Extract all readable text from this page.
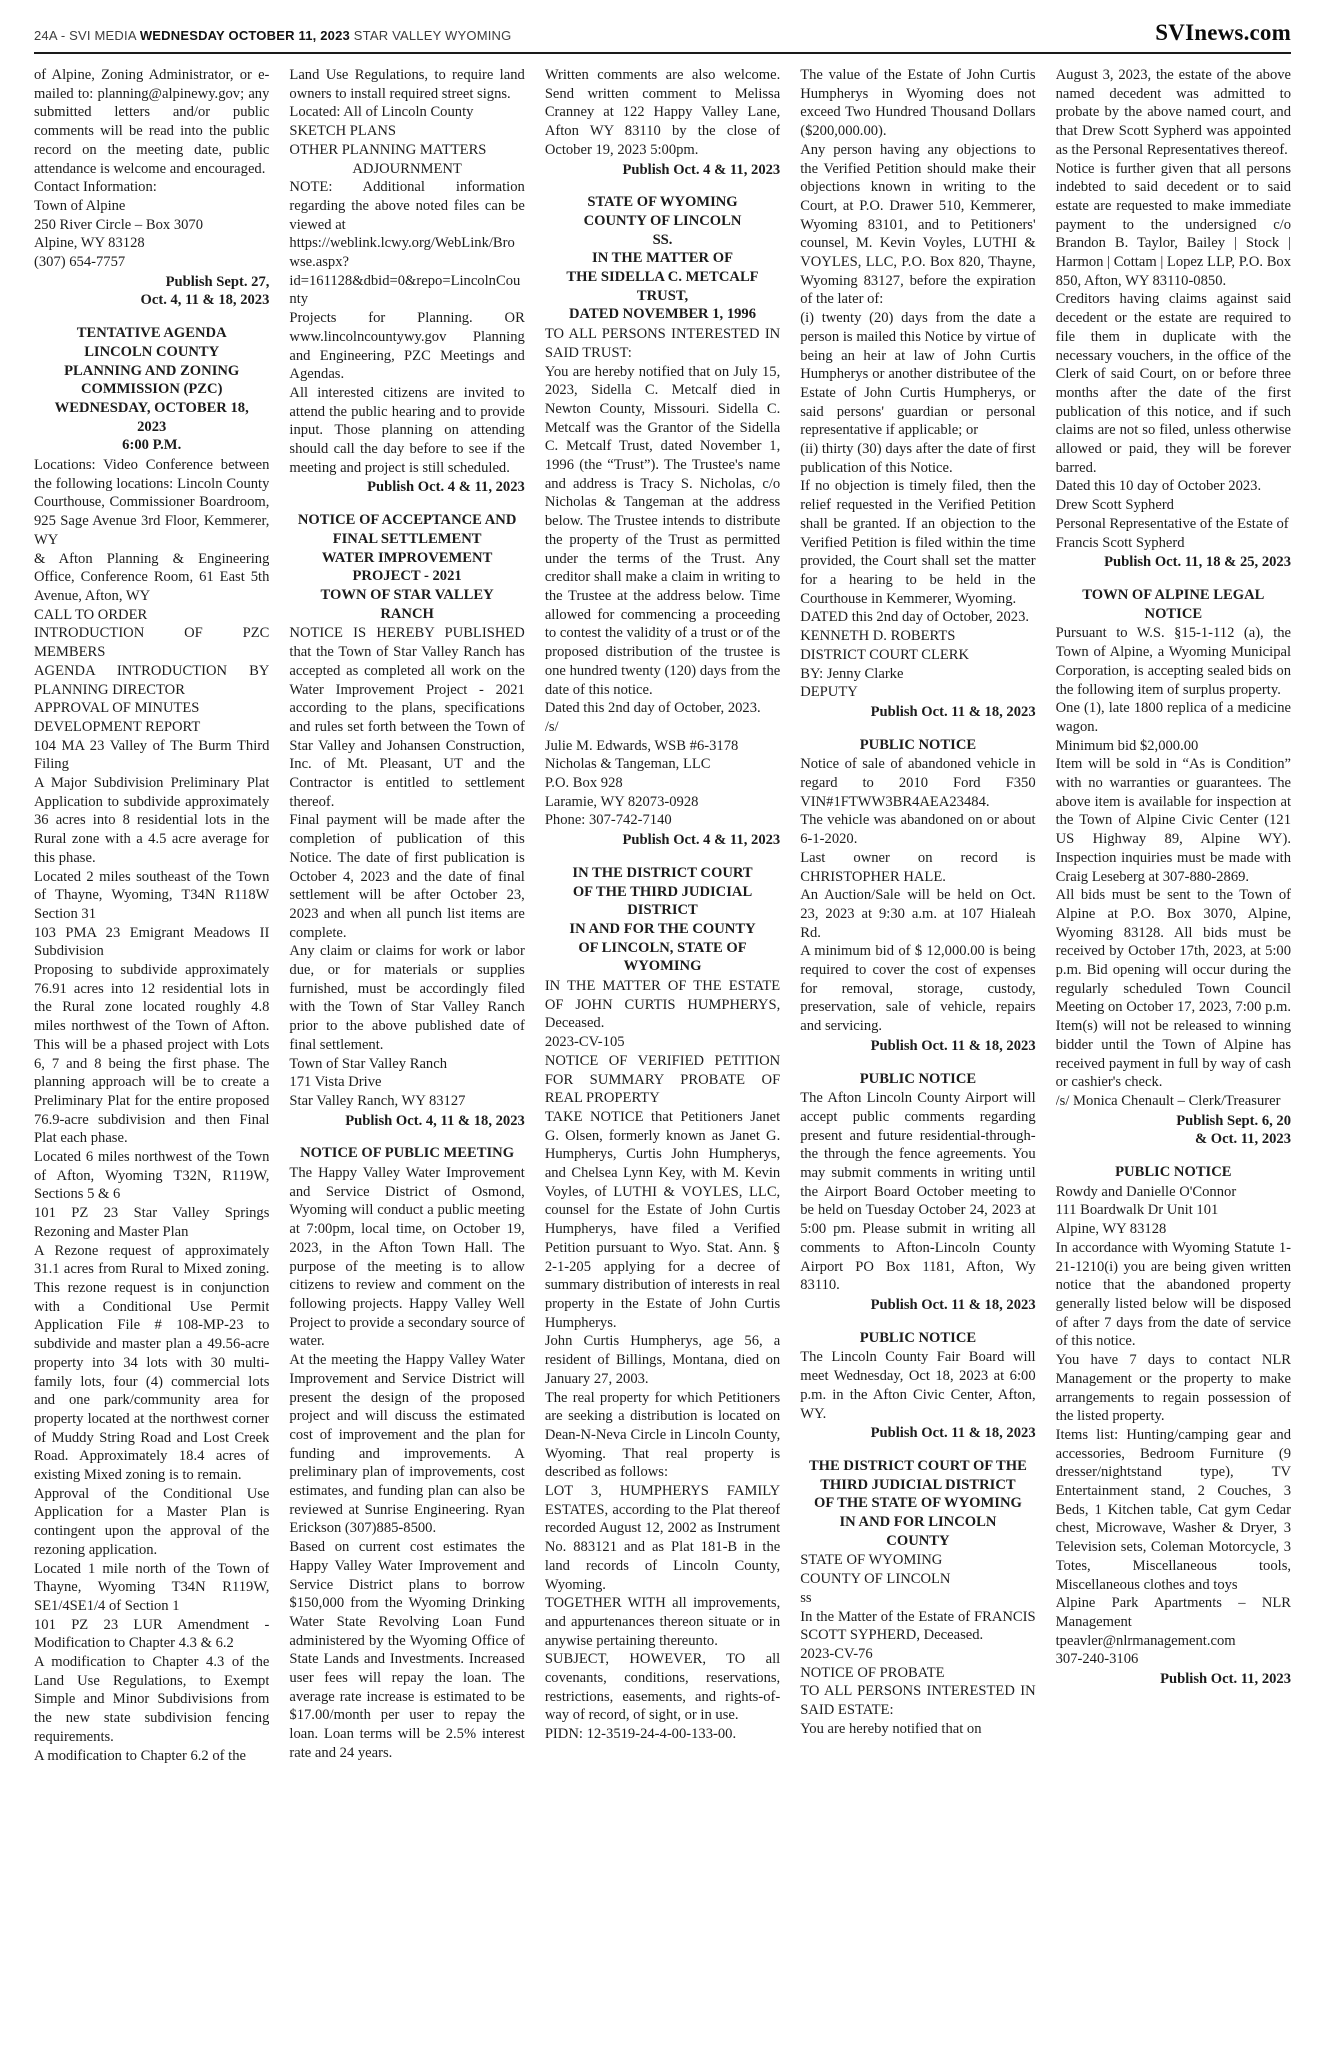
24A - SVI MEDIA WEDNESDAY OCTOBER 11, 2023 STAR VALLEY WYOMING	SVInews.com
of Alpine, Zoning Administrator, or e-mailed to: planning@alpinewy.gov; any submitted letters and/or public comments will be read into the public record on the meeting date, public attendance is welcome and encouraged.
Contact Information:
Town of Alpine
250 River Circle – Box 3070
Alpine, WY 83128
(307) 654-7757
Publish Sept. 27,
Oct. 4, 11 & 18, 2023
TENTATIVE AGENDA
LINCOLN COUNTY
PLANNING AND ZONING
COMMISSION (PZC)
WEDNESDAY, OCTOBER 18,
2023
6:00 P.M.
Locations: Video Conference between the following locations: Lincoln County Courthouse, Commissioner Boardroom, 925 Sage Avenue 3rd Floor, Kemmerer, WY
& Afton Planning & Engineering Office, Conference Room, 61 East 5th Avenue, Afton, WY
CALL TO ORDER
INTRODUCTION OF PZC MEMBERS
AGENDA INTRODUCTION BY PLANNING DIRECTOR
APPROVAL OF MINUTES
DEVELOPMENT REPORT
104 MA 23 Valley of The Burm Third Filing
A Major Subdivision Preliminary Plat Application to subdivide approximately 36 acres into 8 residential lots in the Rural zone with a 4.5 acre average for this phase.
Located 2 miles southeast of the Town of Thayne, Wyoming, T34N R118W Section 31
103 PMA 23 Emigrant Meadows II Subdivision
Proposing to subdivide approximately 76.91 acres into 12 residential lots in the Rural zone located roughly 4.8 miles northwest of the Town of Afton. This will be a phased project with Lots 6, 7 and 8 being the first phase. The planning approach will be to create a Preliminary Plat for the entire proposed 76.9-acre subdivision and then Final Plat each phase.
Located 6 miles northwest of the Town of Afton, Wyoming T32N, R119W, Sections 5 & 6
101 PZ 23 Star Valley Springs Rezoning and Master Plan
A Rezone request of approximately 31.1 acres from Rural to Mixed zoning. This rezone request is in conjunction with a Conditional Use Permit Application File # 108-MP-23 to subdivide and master plan a 49.56-acre property into 34 lots with 30 multi-family lots, four (4) commercial lots and one park/community area for property located at the northwest corner of Muddy String Road and Lost Creek Road. Approximately 18.4 acres of existing Mixed zoning is to remain.
Approval of the Conditional Use Application for a Master Plan is contingent upon the approval of the rezoning application.
Located 1 mile north of the Town of Thayne, Wyoming T34N R119W, SE1/4SE1/4 of Section 1
101 PZ 23 LUR Amendment - Modification to Chapter 4.3 & 6.2
A modification to Chapter 4.3 of the Land Use Regulations, to Exempt Simple and Minor Subdivisions from the new state subdivision fencing requirements.
A modification to Chapter 6.2 of the
Land Use Regulations, to require land owners to install required street signs.
Located: All of Lincoln County
SKETCH PLANS
OTHER PLANNING MATTERS
ADJOURNMENT
NOTE: Additional information regarding the above noted files can be viewed at
https://weblink.lcwy.org/WebLink/Browse.aspx?id=161128&dbid=0&repo=LincolnCounty
Projects for Planning. OR www.lincolncountywy.gov Planning and Engineering, PZC Meetings and Agendas.
All interested citizens are invited to attend the public hearing and to provide input. Those planning on attending should call the day before to see if the meeting and project is still scheduled.
Publish Oct. 4 & 11, 2023
NOTICE OF ACCEPTANCE AND
FINAL SETTLEMENT
WATER IMPROVEMENT
PROJECT - 2021
TOWN OF STAR VALLEY
RANCH
NOTICE IS HEREBY PUBLISHED that the Town of Star Valley Ranch has accepted as completed all work on the Water Improvement Project - 2021 according to the plans, specifications and rules set forth between the Town of Star Valley and Johansen Construction, Inc. of Mt. Pleasant, UT and the Contractor is entitled to settlement thereof.
Final payment will be made after the completion of publication of this Notice. The date of first publication is October 4, 2023 and the date of final settlement will be after October 23, 2023 and when all punch list items are complete.
Any claim or claims for work or labor due, or for materials or supplies furnished, must be accordingly filed with the Town of Star Valley Ranch prior to the above published date of final settlement.
Town of Star Valley Ranch
171 Vista Drive
Star Valley Ranch, WY 83127
Publish Oct. 4, 11 & 18, 2023
NOTICE OF PUBLIC MEETING
The Happy Valley Water Improvement and Service District of Osmond, Wyoming will conduct a public meeting at 7:00pm, local time, on October 19, 2023, in the Afton Town Hall. The purpose of the meeting is to allow citizens to review and comment on the following projects. Happy Valley Well Project to provide a secondary source of water.
At the meeting the Happy Valley Water Improvement and Service District will present the design of the proposed project and will discuss the estimated cost of improvement and the plan for funding and improvements. A preliminary plan of improvements, cost estimates, and funding plan can also be reviewed at Sunrise Engineering. Ryan Erickson (307)885-8500.
Based on current cost estimates the Happy Valley Water Improvement and Service District plans to borrow $150,000 from the Wyoming Drinking Water State Revolving Loan Fund administered by the Wyoming Office of State Lands and Investments. Increased user fees will repay the loan. The average rate increase is estimated to be $17.00/month per user to repay the loan. Loan terms will be 2.5% interest rate and 24 years.
Written comments are also welcome. Send written comment to Melissa Cranney at 122 Happy Valley Lane, Afton WY 83110 by the close of October 19, 2023 5:00pm.
Publish Oct. 4 & 11, 2023
STATE OF WYOMING
COUNTY OF LINCOLN
SS.
IN THE MATTER OF
THE SIDELLA C. METCALF
TRUST,
DATED NOVEMBER 1, 1996
TO ALL PERSONS INTERESTED IN SAID TRUST:
You are hereby notified that on July 15, 2023, Sidella C. Metcalf died in Newton County, Missouri. Sidella C. Metcalf was the Grantor of the Sidella C. Metcalf Trust, dated November 1, 1996 (the “Trust”). The Trustee's name and address is Tracy S. Nicholas, c/o Nicholas & Tangeman at the address below. The Trustee intends to distribute the property of the Trust as permitted under the terms of the Trust. Any creditor shall make a claim in writing to the Trustee at the address below. Time allowed for commencing a proceeding to contest the validity of a trust or of the proposed distribution of the trustee is one hundred twenty (120) days from the date of this notice.
Dated this 2nd day of October, 2023.
/s/
Julie M. Edwards, WSB #6-3178
Nicholas & Tangeman, LLC
P.O. Box 928
Laramie, WY 82073-0928
Phone: 307-742-7140
Publish Oct. 4 & 11, 2023
IN THE DISTRICT COURT
OF THE THIRD JUDICIAL
DISTRICT
IN AND FOR THE COUNTY
OF LINCOLN, STATE OF
WYOMING
IN THE MATTER OF THE ESTATE OF JOHN CURTIS HUMPHERYS, Deceased.
2023-CV-105
NOTICE OF VERIFIED PETITION FOR SUMMARY PROBATE OF REAL PROPERTY
TAKE NOTICE that Petitioners Janet G. Olsen, formerly known as Janet G. Humpherys, Curtis John Humpherys, and Chelsea Lynn Key, with M. Kevin Voyles, of LUTHI & VOYLES, LLC, counsel for the Estate of John Curtis Humpherys, have filed a Verified Petition pursuant to Wyo. Stat. Ann. § 2-1-205 applying for a decree of summary distribution of interests in real property in the Estate of John Curtis Humpherys.
John Curtis Humpherys, age 56, a resident of Billings, Montana, died on January 27, 2003.
The real property for which Petitioners are seeking a distribution is located on Dean-N-Neva Circle in Lincoln County, Wyoming. That real property is described as follows:
LOT 3, HUMPHERYS FAMILY ESTATES, according to the Plat thereof recorded August 12, 2002 as Instrument No. 883121 and as Plat 181-B in the land records of Lincoln County, Wyoming.
TOGETHER WITH all improvements, and appurtenances thereon situate or in anywise pertaining thereunto.
SUBJECT, HOWEVER, TO all covenants, conditions, reservations, restrictions, easements, and rights-of-way of record, of sight, or in use.
PIDN: 12-3519-24-4-00-133-00.
The value of the Estate of John Curtis Humpherys in Wyoming does not exceed Two Hundred Thousand Dollars ($200,000.00).
Any person having any objections to the Verified Petition should make their objections known in writing to the Court, at P.O. Drawer 510, Kemmerer, Wyoming 83101, and to Petitioners' counsel, M. Kevin Voyles, LUTHI & VOYLES, LLC, P.O. Box 820, Thayne, Wyoming 83127, before the expiration of the later of:
(i) twenty (20) days from the date a person is mailed this Notice by virtue of being an heir at law of John Curtis Humpherys or another distributee of the Estate of John Curtis Humpherys, or said persons' guardian or personal representative if applicable; or
(ii) thirty (30) days after the date of first publication of this Notice.
If no objection is timely filed, then the relief requested in the Verified Petition shall be granted. If an objection to the Verified Petition is filed within the time provided, the Court shall set the matter for a hearing to be held in the Courthouse in Kemmerer, Wyoming.
DATED this 2nd day of October, 2023.
KENNETH D. ROBERTS
DISTRICT COURT CLERK
BY: Jenny Clarke
DEPUTY
Publish Oct. 11 & 18, 2023
PUBLIC NOTICE
Notice of sale of abandoned vehicle in regard to 2010 Ford F350 VIN#1FTWW3BR4AEA23484.
The vehicle was abandoned on or about 6-1-2020.
Last owner on record is CHRISTOPHER HALE.
An Auction/Sale will be held on Oct. 23, 2023 at 9:30 a.m. at 107 Hialeah Rd.
A minimum bid of $ 12,000.00 is being required to cover the cost of expenses for removal, storage, custody, preservation, sale of vehicle, repairs and servicing.
Publish Oct. 11 & 18, 2023
PUBLIC NOTICE
The Afton Lincoln County Airport will accept public comments regarding present and future residential-through-the through the fence agreements. You may submit comments in writing until the Airport Board October meeting to be held on Tuesday October 24, 2023 at 5:00 pm. Please submit in writing all comments to Afton-Lincoln County Airport PO Box 1181, Afton, Wy 83110.
Publish Oct. 11 & 18, 2023
PUBLIC NOTICE
The Lincoln County Fair Board will meet Wednesday, Oct 18, 2023 at 6:00 p.m. in the Afton Civic Center, Afton, WY.
Publish Oct. 11 & 18, 2023
THE DISTRICT COURT OF THE
THIRD JUDICIAL DISTRICT
OF THE STATE OF WYOMING
IN AND FOR LINCOLN
COUNTY
STATE OF WYOMING
COUNTY OF LINCOLN
ss
In the Matter of the Estate of FRANCIS SCOTT SYPHERD, Deceased.
2023-CV-76
NOTICE OF PROBATE
TO ALL PERSONS INTERESTED IN SAID ESTATE:
You are hereby notified that on
August 3, 2023, the estate of the above named decedent was admitted to probate by the above named court, and that Drew Scott Sypherd was appointed as the Personal Representatives thereof.
Notice is further given that all persons indebted to said decedent or to said estate are requested to make immediate payment to the undersigned c/o Brandon B. Taylor, Bailey | Stock | Harmon | Cottam | Lopez LLP, P.O. Box 850, Afton, WY 83110-0850.
Creditors having claims against said decedent or the estate are required to file them in duplicate with the necessary vouchers, in the office of the Clerk of said Court, on or before three months after the date of the first publication of this notice, and if such claims are not so filed, unless otherwise allowed or paid, they will be forever barred.
Dated this 10 day of October 2023.
Drew Scott Sypherd
Personal Representative of the Estate of
Francis Scott Sypherd
Publish Oct. 11, 18 & 25, 2023
TOWN OF ALPINE LEGAL
NOTICE
Pursuant to W.S. §15-1-112 (a), the Town of Alpine, a Wyoming Municipal Corporation, is accepting sealed bids on the following item of surplus property.
One (1), late 1800 replica of a medicine wagon.
Minimum bid $2,000.00
Item will be sold in “As is Condition” with no warranties or guarantees. The above item is available for inspection at the Town of Alpine Civic Center (121 US Highway 89, Alpine WY). Inspection inquiries must be made with Craig Leseberg at 307-880-2869.
All bids must be sent to the Town of Alpine at P.O. Box 3070, Alpine, Wyoming 83128. All bids must be received by October 17th, 2023, at 5:00 p.m. Bid opening will occur during the regularly scheduled Town Council Meeting on October 17, 2023, 7:00 p.m. Item(s) will not be released to winning bidder until the Town of Alpine has received payment in full by way of cash or cashier's check.
/s/ Monica Chenault – Clerk/Treasurer
Publish Sept. 6, 20
& Oct. 11, 2023
PUBLIC NOTICE
Rowdy and Danielle O'Connor
111 Boardwalk Dr Unit 101
Alpine, WY 83128
In accordance with Wyoming Statute 1-21-1210(i) you are being given written notice that the abandoned property generally listed below will be disposed of after 7 days from the date of service of this notice.
You have 7 days to contact NLR Management or the property to make arrangements to regain possession of the listed property.
Items list: Hunting/camping gear and accessories, Bedroom Furniture (9 dresser/nightstand type), TV Entertainment stand, 2 Couches, 3 Beds, 1 Kitchen table, Cat gym Cedar chest, Microwave, Washer & Dryer, 3 Television sets, Coleman Motorcycle, 3 Totes, Miscellaneous tools, Miscellaneous clothes and toys
Alpine Park Apartments – NLR Management
tpeavler@nlrmanagement.com
307-240-3106
Publish Oct. 11, 2023
